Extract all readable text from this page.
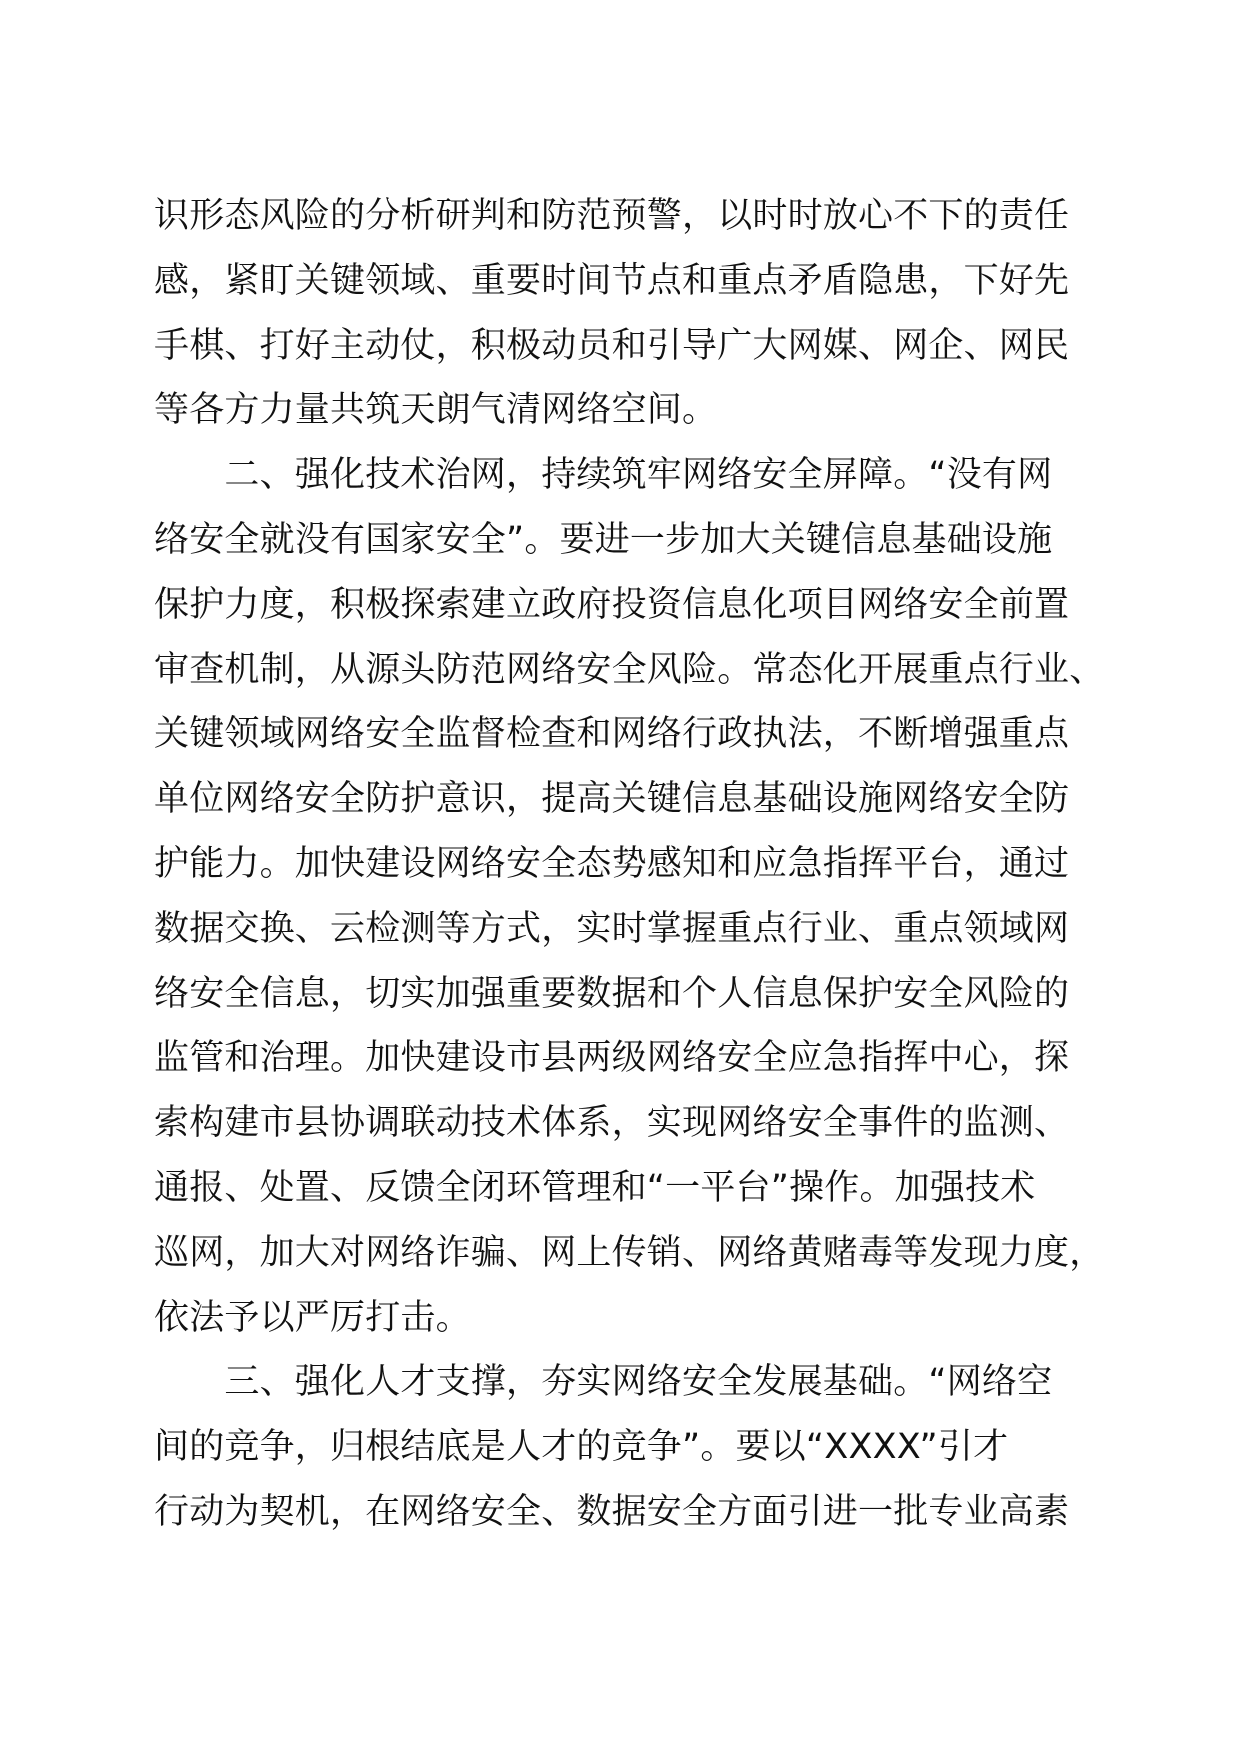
识形态风险的分析研判和防范预警，以时时放心不下的责任
感，紧盯关键领域、重要时间节点和重点矛盾隐患，下好先
手棋、打好主动仗，积极动员和引导广大网媒、网企、网民
等各方力量共筑天朗气清网络空间。
　　二、强化技术治网，持续筑牢网络安全屏障。“没有网
络安全就没有国家安全”。要进一步加大关键信息基础设施
保护力度，积极探索建立政府投资信息化项目网络安全前置
审查机制，从源头防范网络安全风险。常态化开展重点行业、
关键领域网络安全监督检查和网络行政执法，不断增强重点
单位网络安全防护意识，提高关键信息基础设施网络安全防
护能力。加快建设网络安全态势感知和应急指挥平台，通过
数据交换、云检测等方式，实时掌握重点行业、重点领域网
络安全信息，切实加强重要数据和个人信息保护安全风险的
监管和治理。加快建设市县两级网络安全应急指挥中心，探
索构建市县协调联动技术体系，实现网络安全事件的监测、
通报、处置、反馈全闭环管理和“一平台”操作。加强技术
巡网，加大对网络诈骗、网上传销、网络黄赌毒等发现力度，
依法予以严厉打击。
　　三、强化人才支撑，夯实网络安全发展基础。“网络空
间的竞争，归根结底是人才的竞争”。要以“XXXX”引才
行动为契机，在网络安全、数据安全方面引进一批专业高素
